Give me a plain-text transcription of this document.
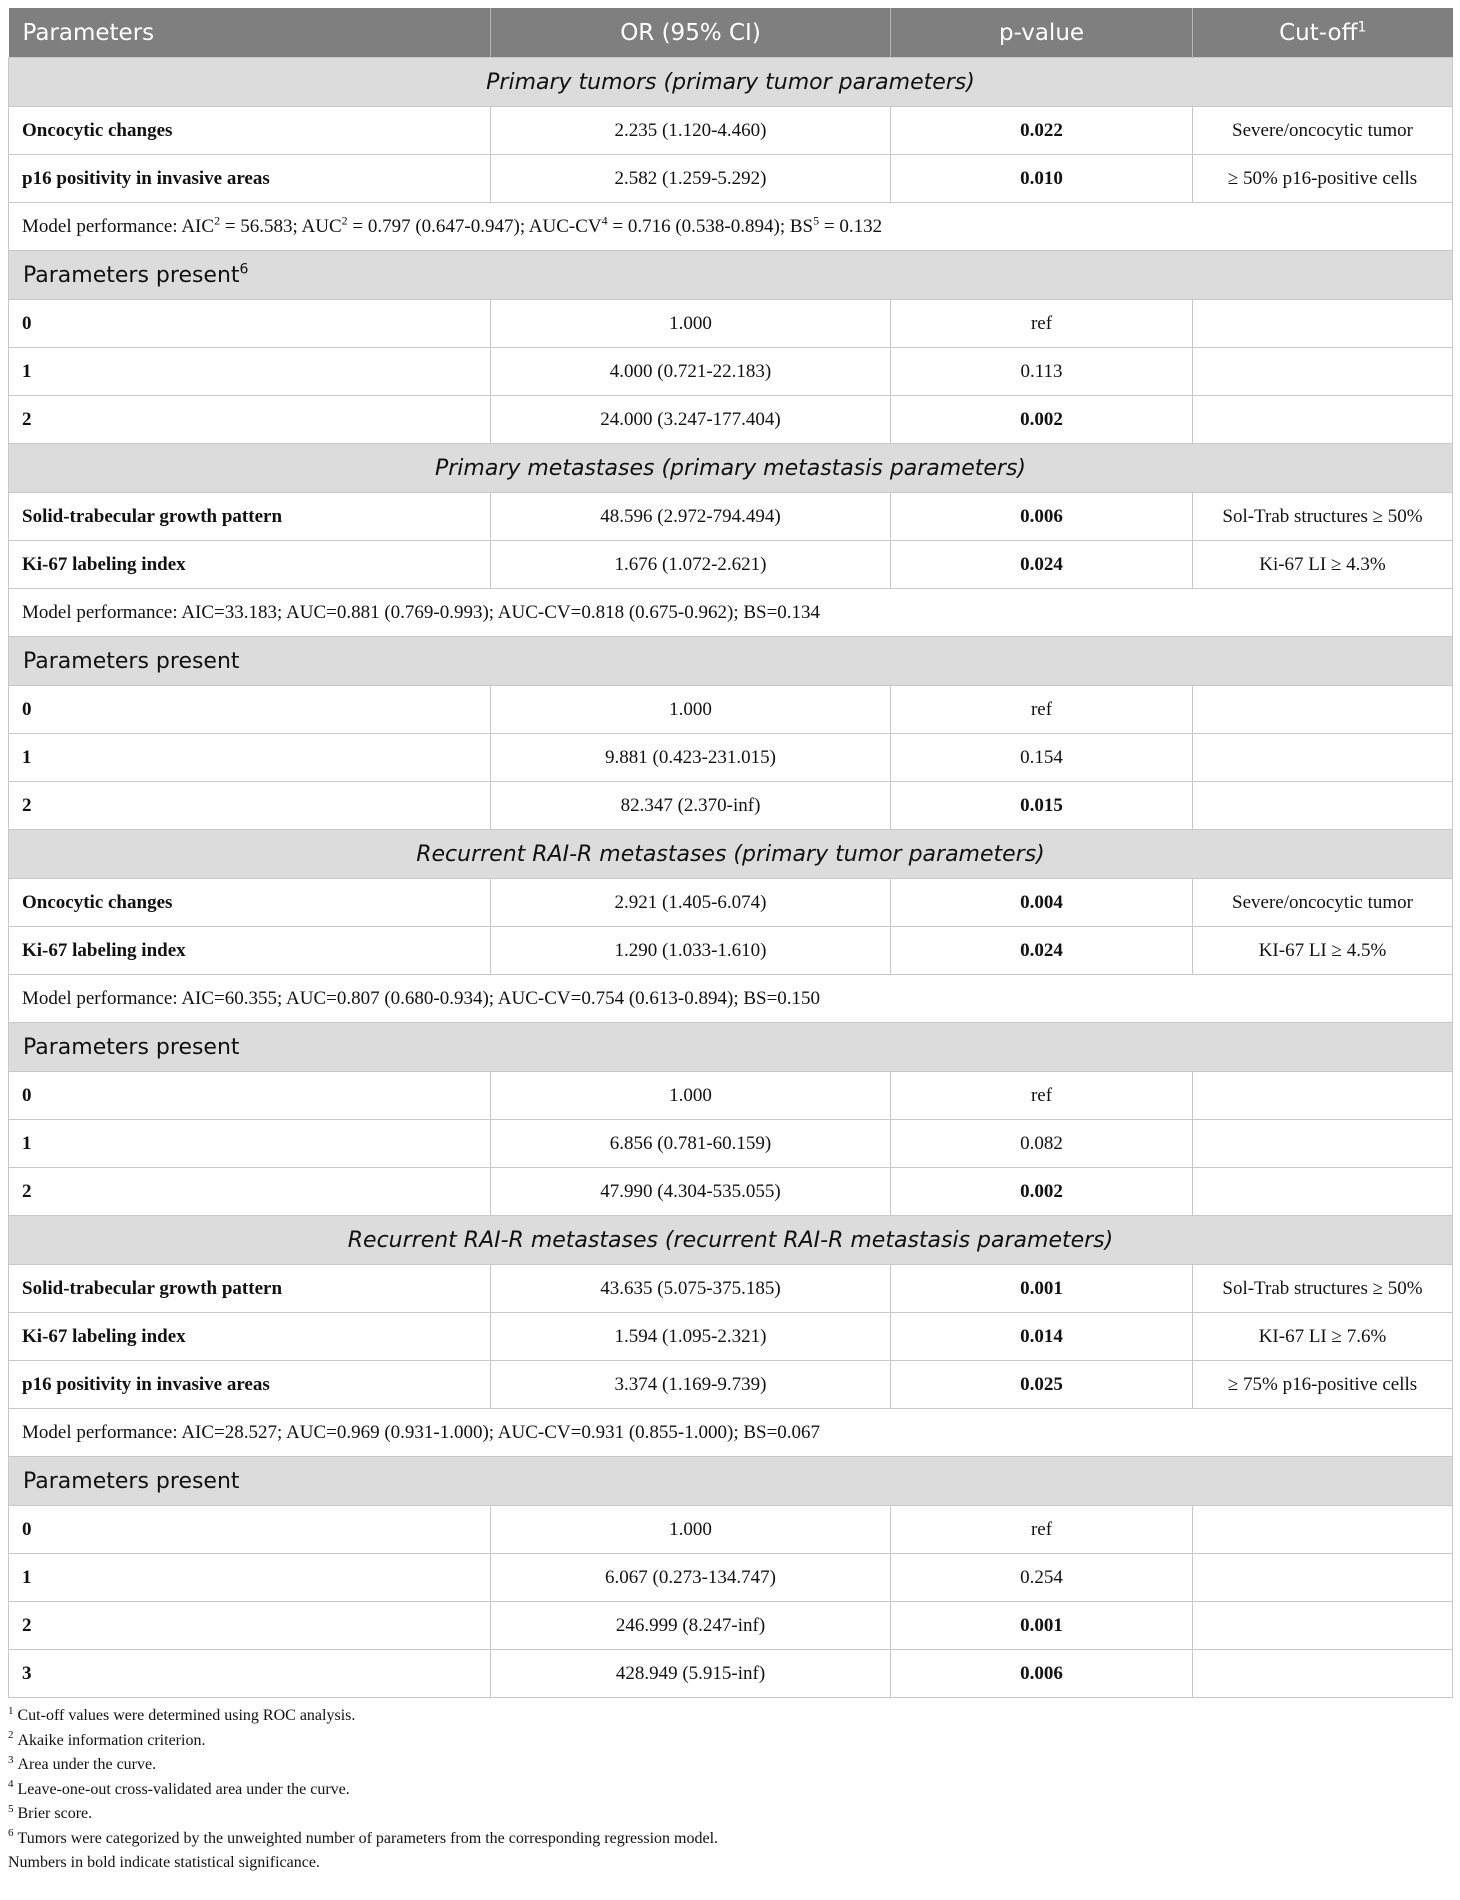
Parameters	OR (95% CI)	p-value	Cut-off$^1$
Primary tumors (primary tumor parameters)			
Oncocytic changes	2.235 (1.120-4.460)	0.022	Severe/oncocytic tumor
p16 positivity in invasive areas	2.582 (1.259-5.292)	0.010	≥ 50% p16-positive cells
Model performance: $AIC^2 = 56.583$; $AUC^2 = 0.797$ (0.647-0.947); AUC-$CV^4 = 0.716$ (0.538-0.894); $BS^5 = 0.132$			
Parameters present$^6$
0	1.000	ref	
1	4.000 (0.721-22.183)	0.113	
2	24.000 (3.247-177.404)	0.002	
Primary metastases (primary metastasis parameters)			
Solid-trabecular growth pattern	48.596 (2.972-794.494)	0.006	Sol-Trab structures ≥ 50%
Ki-67 labeling index	1.676 (1.072-2.621)	0.024	Ki-67 LI ≥ 4.3%
Model performance: AIC=33.183; AUC=0.881 (0.769-0.993); AUC-CV=0.818 (0.675-0.962); BS=0.134			
Parameters present			
0	1.000	ref	
1	9.881 (0.423-231.015)	0.154	
2	82.347 (2.370-inf)	0.015	
Recurrent RAI-R metastases (primary tumor parameters)			
Oncocytic changes	2.921 (1.405-6.074)	0.004	Severe/oncocytic tumor
Ki-67 labeling index	1.290 (1.033-1.610)	0.024	KI-67 LI ≥ 4.5%
Model performance: AIC=60.355; AUC=0.807 (0.680-0.934); AUC-CV=0.754 (0.613-0.894); BS=0.150			
Parameters present			
0	1.000	ref	
1	6.856 (0.781-60.159)	0.082	
2	47.990 (4.304-535.055)	0.002	
Recurrent RAI-R metastases (recurrent RAI-R metastasis parameters)			
Solid-trabecular growth pattern	43.635 (5.075-375.185)	0.001	Sol-Trab structures ≥ 50%
Ki-67 labeling index	1.594 (1.095-2.321)	0.014	KI-67 LI ≥ 7.6%
p16 positivity in invasive areas	3.374 (1.169-9.739)	0.025	≥ 75% p16-positive cells
Model performance: AIC=28.527; AUC=0.969 (0.931-1.000); AUC-CV=0.931 (0.855-1.000); BS=0.067			
Parameters present			
0	1.000	ref	
1	6.067 (0.273-134.747)	0.254	
2	246.999 (8.247-inf)	0.001	
3	428.949 (5.915-inf)	0.006	
$^1$ Cut-off values were determined using ROC analysis.
$^2$ Akaike information criterion.
$^3$ Area under the curve.
$^4$ Leave-one-out cross-validated area under the curve.
$^5$ Brier score.
$^6$ Tumors were categorized by the unweighted number of parameters from the corresponding regression model.
Numbers in bold indicate statistical significance.
